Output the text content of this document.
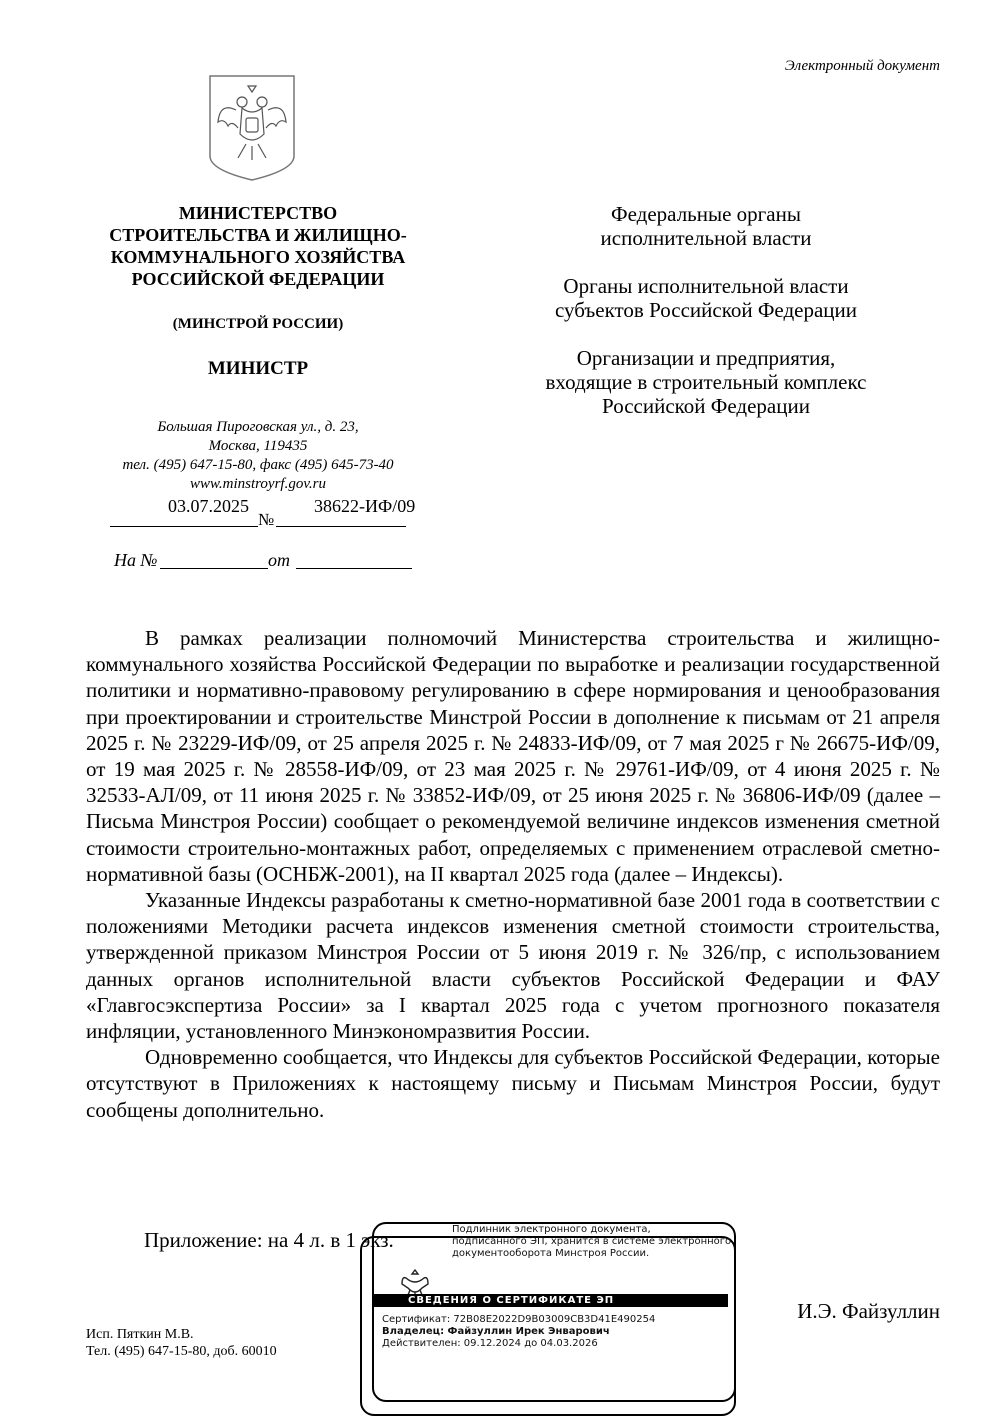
Электронный документ
МИНИСТЕРСТВО
СТРОИТЕЛЬСТВА И ЖИЛИЩНО-
КОММУНАЛЬНОГО ХОЗЯЙСТВА
РОССИЙСКОЙ ФЕДЕРАЦИИ
(МИНСТРОЙ РОССИИ)
МИНИСТР
Большая Пироговская ул., д. 23,
Москва, 119435
тел. (495) 647-15-80, факс (495) 645-73-40
www.minstroyrf.gov.ru
03.07.2025
№
38622-ИФ/09
На №	от
Федеральные органы
исполнительной власти
Органы исполнительной власти
субъектов Российской Федерации
Организации и предприятия,
входящие в строительный комплекс
Российской Федерации

В рамках реализации полномочий Министерства строительства и жилищно-коммунального хозяйства Российской Федерации по выработке и реализации государственной политики и нормативно-правовому регулированию в сфере нормирования и ценообразования при проектировании и строительстве Минстрой России в дополнение к письмам от 21 апреля 2025 г. № 23229-ИФ/09, от 25 апреля 2025 г. № 24833-ИФ/09, от 7 мая 2025 г № 26675-ИФ/09, от 19 мая 2025 г. № 28558-ИФ/09, от 23 мая 2025 г. № 29761-ИФ/09, от 4 июня 2025 г. № 32533-АЛ/09, от 11 июня 2025 г. № 33852-ИФ/09, от 25 июня 2025 г. № 36806-ИФ/09 (далее – Письма Минстроя России) сообщает о рекомендуемой величине индексов изменения сметной стоимости строительно-монтажных работ, определяемых с применением отраслевой сметно-нормативной базы (ОСНБЖ-2001), на II квартал 2025 года (далее – Индексы).

Указанные Индексы разработаны к сметно-нормативной базе 2001 года в соответствии с положениями Методики расчета индексов изменения сметной стоимости строительства, утвержденной приказом Минстроя России от 5 июня 2019 г. № 326/пр, с использованием данных органов исполнительной власти субъектов Российской Федерации и ФАУ «Главгосэкспертиза России» за I квартал 2025 года с учетом прогнозного показателя инфляции, установленного Минэкономразвития России.

Одновременно сообщается, что Индексы для субъектов Российской Федерации, которые отсутствуют в Приложениях к настоящему письму и Письмам Минстроя России, будут сообщены дополнительно.

Приложение: на 4 л. в 1 экз.	Подлинник электронного документа,
подписанного ЭП, хранится в системе электронного
документооборота Минстроя России.
СВЕДЕНИЯ О СЕРТИФИКАТЕ ЭП
Сертификат: 72B08E2022D9B03009CB3D41E490254
Владелец: Файзуллин Ирек Энварович
Действителен: 09.12.2024 до 04.03.2026
И.Э. Файзуллин
Исп. Пяткин М.В.
Тел. (495) 647-15-80, доб. 60010
